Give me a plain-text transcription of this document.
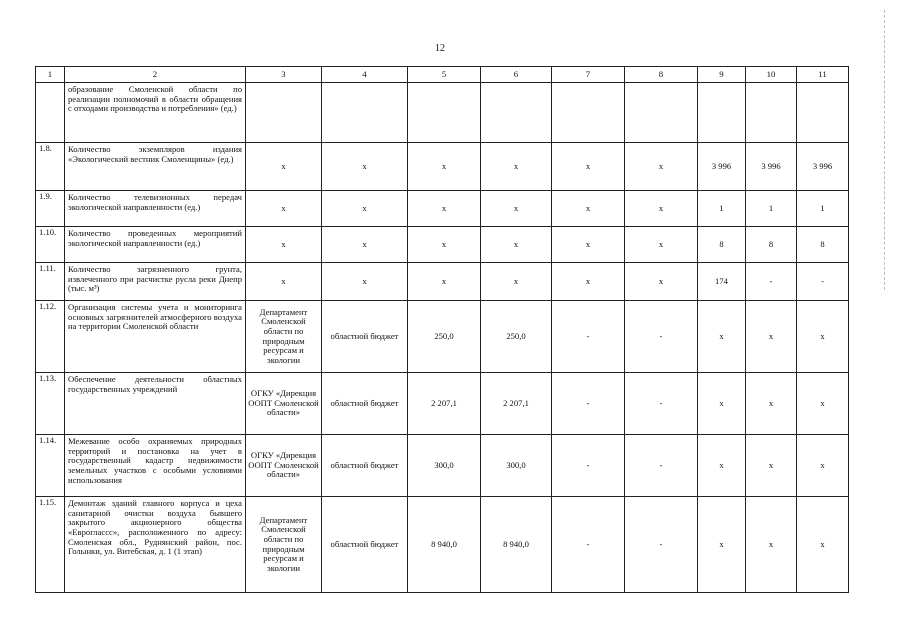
12
1	2	3	4	5	6	7	8	9	10	11
	образование Смоленской области по реализации полномочий в области обращения с отходами производства и потребления» (ед.)									
1.8.	Количество экземпляров издания «Экологический вестник Смоленщины» (ед.)	х	х	х	х	х	х	3 996	3 996	3 996
1.9.	Количество телевизионных передач экологической направленности (ед.)	х	х	х	х	х	х	1	1	1
1.10.	Количество проведенных мероприятий экологической направленности (ед.)	х	х	х	х	х	х	8	8	8
1.11.	Количество загрязненного грунта, извлеченного при расчистке русла реки Днепр (тыс. м³)	х	х	х	х	х	х	174	-	-
1.12.	Организация системы учета и мониторинга основных загрязнителей атмосферного воздуха на территории Смоленской области	Департамент Смоленской области по природным ресурсам и экологии	областной бюджет	250,0	250,0	-	-	х	х	х
1.13.	Обеспечение деятельности областных государственных учреждений	ОГКУ «Дирекция ООПТ Смоленской области»	областной бюджет	2 207,1	2 207,1	-	-	х	х	х
1.14.	Межевание особо охраняемых природных территорий и постановка на учет в государственный кадастр недвижимости земельных участков с особыми условиями использования	ОГКУ «Дирекция ООПТ Смоленской области»	областной бюджет	300,0	300,0	-	-	х	х	х
1.15.	Демонтаж зданий главного корпуса и цеха санитарной очистки воздуха бывшего закрытого акционерного общества «Евроглассс», расположенного по адресу: Смоленская обл., Руднянский район, пос. Голынки, ул. Витебская, д. 1 (1 этап)	Департамент Смоленской области по природным ресурсам и экологии	областной бюджет	8 940,0	8 940,0	-	-	х	х	х
